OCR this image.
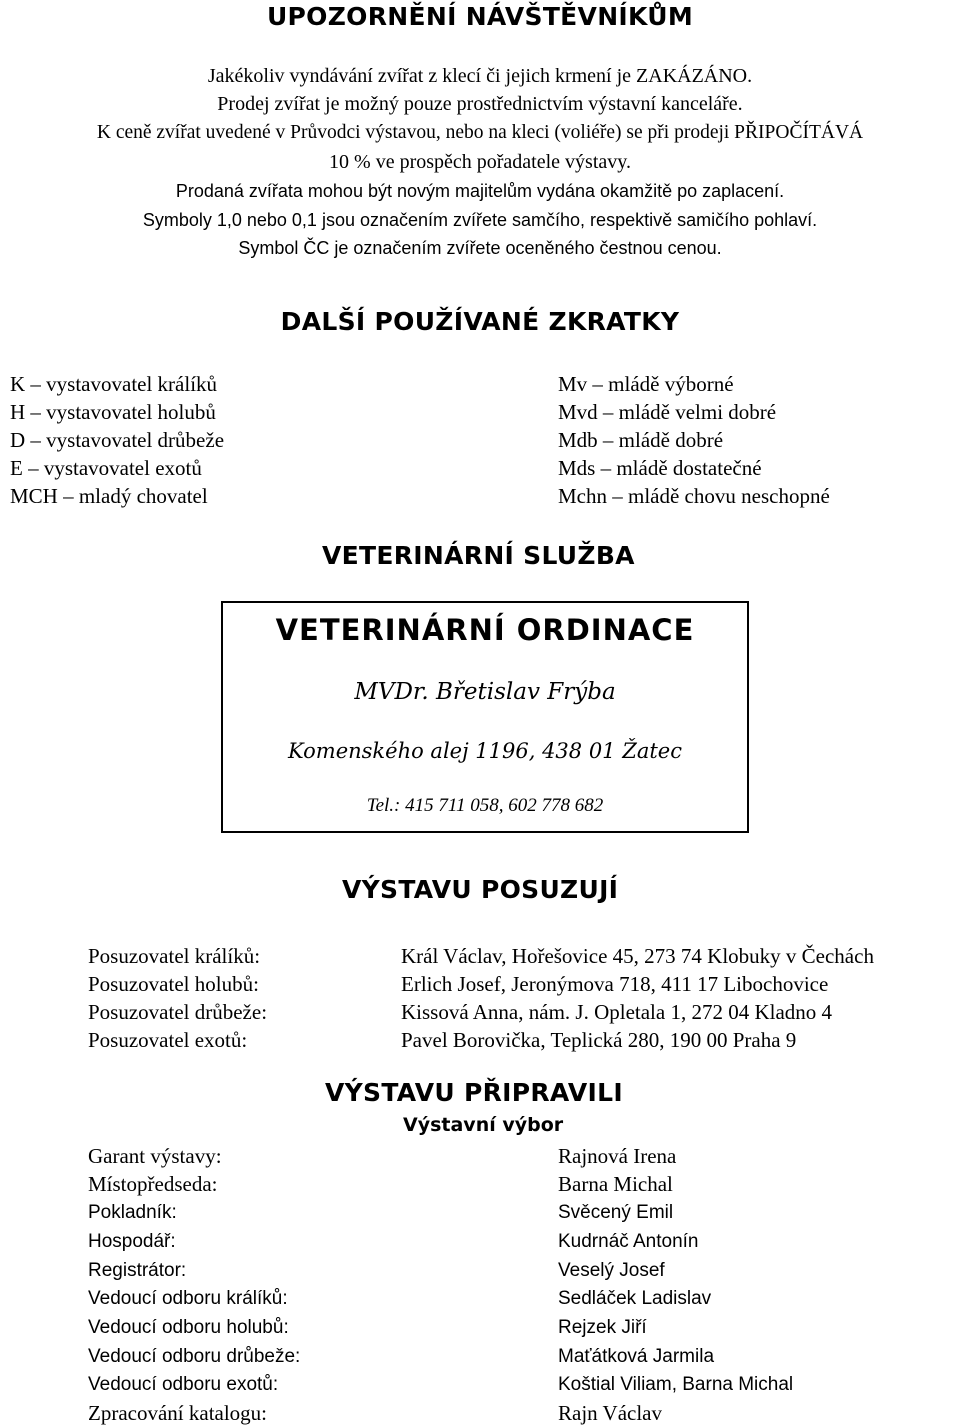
UPOZORNĚNÍ NÁVŠTĚVNÍKŮM
Jakékoliv vyndávání zvířat z klecí či jejich krmení je ZAKÁZÁNO.
Prodej zvířat je možný pouze prostřednictvím výstavní kanceláře.
K ceně zvířat uvedené v Průvodci výstavou, nebo na kleci (voliéře) se při prodeji PŘIPOČÍTÁVÁ
10 % ve prospěch pořadatele výstavy.
Prodaná zvířata mohou být novým majitelům vydána okamžitě po zaplacení.
Symboly 1,0 nebo 0,1 jsou označením zvířete samčího, respektivě samičího pohlaví.
Symbol ČC je označením zvířete oceněného čestnou cenou.
DALŠÍ POUŽÍVANÉ ZKRATKY
K – vystavovatel králíků
H – vystavovatel holubů
D – vystavovatel drůbeže
E – vystavovatel exotů
MCH – mladý chovatel
Mv – mládě výborné
Mvd – mládě velmi dobré
Mdb – mládě dobré
Mds – mládě dostatečné
Mchn – mládě chovu neschopné
VETERINÁRNÍ SLUŽBA
VETERINÁRNÍ ORDINACE
MVDr. Břetislav Frýba
Komenského alej 1196, 438 01 Žatec
Tel.: 415 711 058, 602 778 682
VÝSTAVU POSUZUJÍ
Posuzovatel králíků:	Král Václav, Hořešovice 45, 273 74 Klobuky v Čechách
Posuzovatel holubů:	Erlich Josef, Jeronýmova 718, 411 17 Libochovice
Posuzovatel drůbeže:	Kissová Anna, nám. J. Opletala 1, 272 04 Kladno 4
Posuzovatel exotů:	Pavel Borovička, Teplická 280, 190 00 Praha 9
VÝSTAVU PŘIPRAVILI
Výstavní výbor
Garant výstavy:	Rajnová Irena
Místopředseda:	Barna Michal
Pokladník:	Svěcený Emil
Hospodář:	Kudrnáč Antonín
Registrátor:	Veselý Josef
Vedoucí odboru králíků:	Sedláček Ladislav
Vedoucí odboru holubů:	Rejzek Jiří
Vedoucí odboru drůbeže:	Maťátková Jarmila
Vedoucí odboru exotů:	Koštial Viliam, Barna Michal
Zpracování katalogu:	Rajn Václav
